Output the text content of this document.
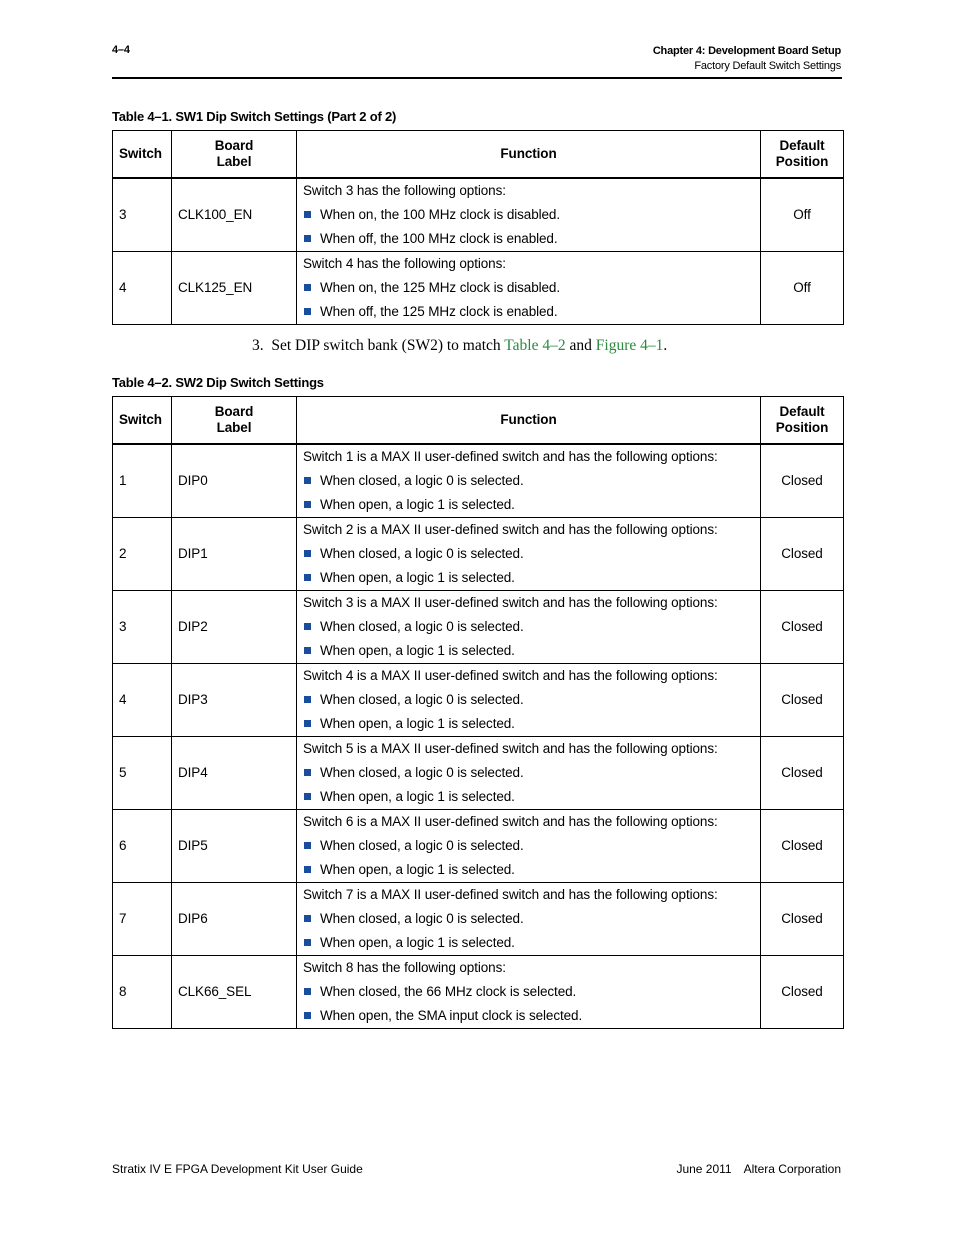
4–4	Chapter 4: Development Board Setup
Factory Default Switch Settings
Table 4–1. SW1 Dip Switch Settings (Part 2 of 2)
Switch	Board Label	Function	Default Position
3	CLK100_EN	Switch 3 has the following options:
When on, the 100 MHz clock is disabled.
When off, the 100 MHz clock is enabled.	Off
4	CLK125_EN	Switch 4 has the following options:
When on, the 125 MHz clock is disabled.
When off, the 125 MHz clock is enabled.	Off
3. Set DIP switch bank (SW2) to match Table 4–2 and Figure 4–1.
Table 4–2. SW2 Dip Switch Settings
Switch	Board Label	Function	Default Position
1	DIP0	Switch 1 is a MAX II user-defined switch and has the following options:
When closed, a logic 0 is selected.
When open, a logic 1 is selected.	Closed
2	DIP1	Switch 2 is a MAX II user-defined switch and has the following options:
When closed, a logic 0 is selected.
When open, a logic 1 is selected.	Closed
3	DIP2	Switch 3 is a MAX II user-defined switch and has the following options:
When closed, a logic 0 is selected.
When open, a logic 1 is selected.	Closed
4	DIP3	Switch 4 is a MAX II user-defined switch and has the following options:
When closed, a logic 0 is selected.
When open, a logic 1 is selected.	Closed
5	DIP4	Switch 5 is a MAX II user-defined switch and has the following options:
When closed, a logic 0 is selected.
When open, a logic 1 is selected.	Closed
6	DIP5	Switch 6 is a MAX II user-defined switch and has the following options:
When closed, a logic 0 is selected.
When open, a logic 1 is selected.	Closed
7	DIP6	Switch 7 is a MAX II user-defined switch and has the following options:
When closed, a logic 0 is selected.
When open, a logic 1 is selected.	Closed
8	CLK66_SEL	Switch 8 has the following options:
When closed, the 66 MHz clock is selected.
When open, the SMA input clock is selected.	Closed
Stratix IV E FPGA Development Kit User Guide	June 2011 Altera Corporation
